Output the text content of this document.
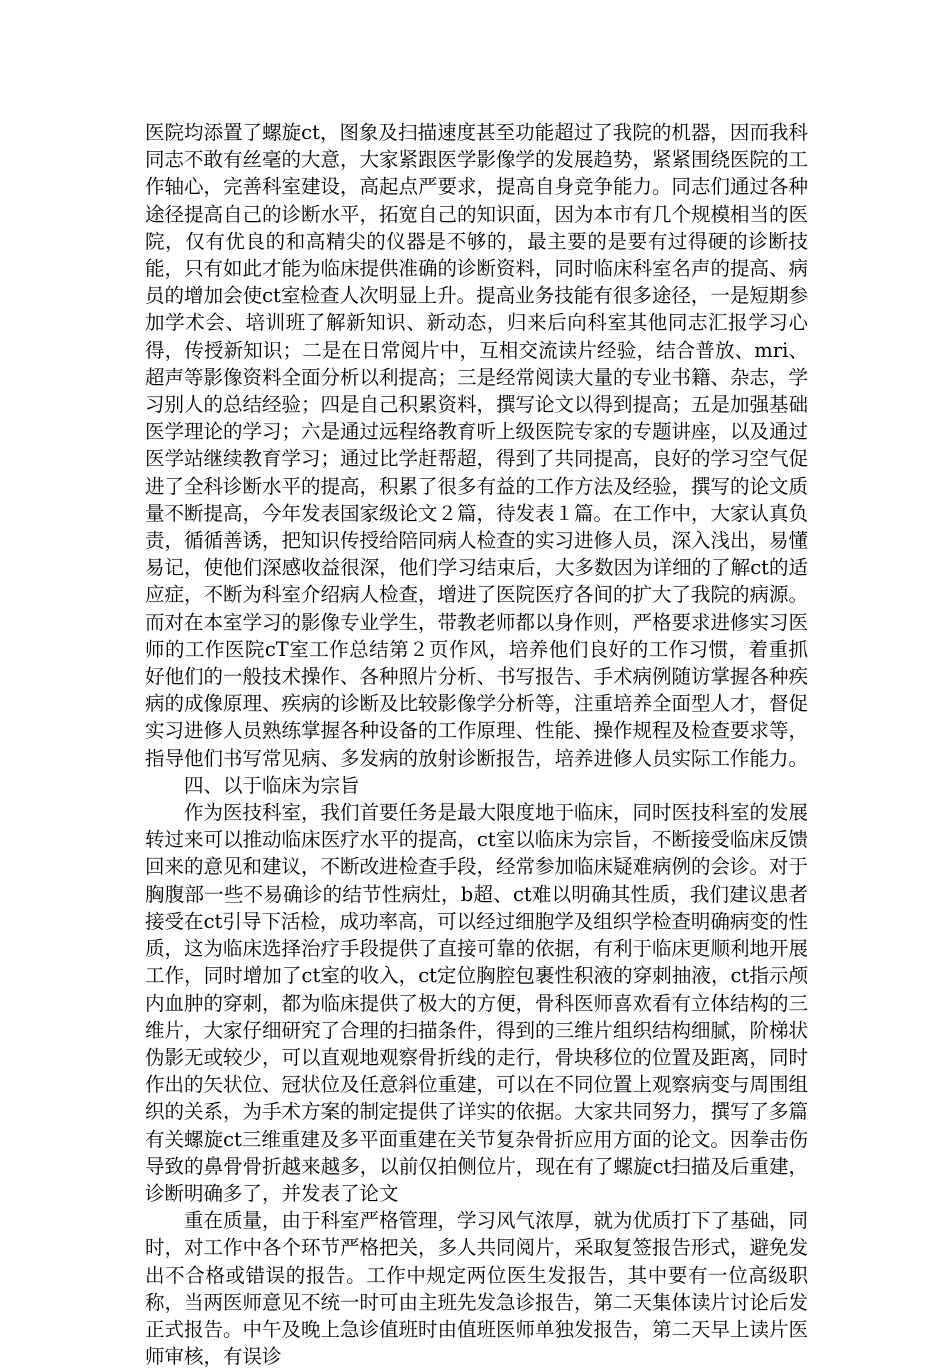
医院均添置了螺旋ct，图象及扫描速度甚至功能超过了我院的机器，因而我科同志不敢有丝毫的大意，大家紧跟医学影像学的发展趋势，紧紧围绕医院的工作轴心，完善科室建设，高起点严要求，提高自身竞争能力。同志们通过各种途径提高自己的诊断水平，拓宽自己的知识面，因为本市有几个规模相当的医院，仅有优良的和高精尖的仪器是不够的，最主要的是要有过得硬的诊断技能，只有如此才能为临床提供准确的诊断资料，同时临床科室名声的提高、病员的增加会使ct室检查人次明显上升。提高业务技能有很多途径，一是短期参加学术会、培训班了解新知识、新动态，归来后向科室其他同志汇报学习心得，传授新知识；二是在日常阅片中，互相交流读片经验，结合普放、mri、超声等影像资料全面分析以利提高；三是经常阅读大量的专业书籍、杂志，学习别人的总结经验；四是自己积累资料，撰写论文以得到提高；五是加强基础医学理论的学习；六是通过远程络教育听上级医院专家的专题讲座，以及通过医学站继续教育学习；通过比学赶帮超，得到了共同提高，良好的学习空气促进了全科诊断水平的提高，积累了很多有益的工作方法及经验，撰写的论文质量不断提高，今年发表国家级论文２篇，待发表１篇。在工作中，大家认真负责，循循善诱，把知识传授给陪同病人检查的实习进修人员，深入浅出，易懂易记，使他们深感收益很深，他们学习结束后，大多数因为详细的了解ct的适应症，不断为科室介绍病人检查，增进了医院医疗各间的扩大了我院的病源。而对在本室学习的影像专业学生，带教老师都以身作则，严格要求进修实习医师的工作医院cT室工作总结第２页作风，培养他们良好的工作习惯，着重抓好他们的一般技术操作、各种照片分析、书写报告、手术病例随访掌握各种疾病的成像原理、疾病的诊断及比较影像学分析等，注重培养全面型人才，督促实习进修人员熟练掌握各种设备的工作原理、性能、操作规程及检查要求等，指导他们书写常见病、多发病的放射诊断报告，培养进修人员实际工作能力。

四、以于临床为宗旨

作为医技科室，我们首要任务是最大限度地于临床，同时医技科室的发展转过来可以推动临床医疗水平的提高，ct室以临床为宗旨，不断接受临床反馈回来的意见和建议，不断改进检查手段，经常参加临床疑难病例的会诊。对于胸腹部一些不易确诊的结节性病灶，b超、ct难以明确其性质，我们建议患者接受在ct引导下活检，成功率高，可以经过细胞学及组织学检查明确病变的性质，这为临床选择治疗手段提供了直接可靠的依据，有利于临床更顺利地开展工作，同时增加了ct室的收入，ct定位胸腔包裹性积液的穿刺抽液，ct指示颅内血肿的穿刺，都为临床提供了极大的方便，骨科医师喜欢看有立体结构的三维片，大家仔细研究了合理的扫描条件，得到的三维片组织结构细腻，阶梯状伪影无或较少，可以直观地观察骨折线的走行，骨块移位的位置及距离，同时作出的矢状位、冠状位及任意斜位重建，可以在不同位置上观察病变与周围组织的关系，为手术方案的制定提供了详实的依据。大家共同努力，撰写了多篇有关螺旋ct三维重建及多平面重建在关节复杂骨折应用方面的论文。因拳击伤导致的鼻骨骨折越来越多，以前仅拍侧位片，现在有了螺旋ct扫描及后重建，诊断明确多了，并发表了论文

重在质量，由于科室严格管理，学习风气浓厚，就为优质打下了基础，同时，对工作中各个环节严格把关，多人共同阅片，采取复签报告形式，避免发出不合格或错误的报告。工作中规定两位医生发报告，其中要有一位高级职称，当两医师意见不统一时可由主班先发急诊报告，第二天集体读片讨论后发正式报告。中午及晚上急诊值班时由值班医师单独发报告，第二天早上读片医师审核，有误诊
